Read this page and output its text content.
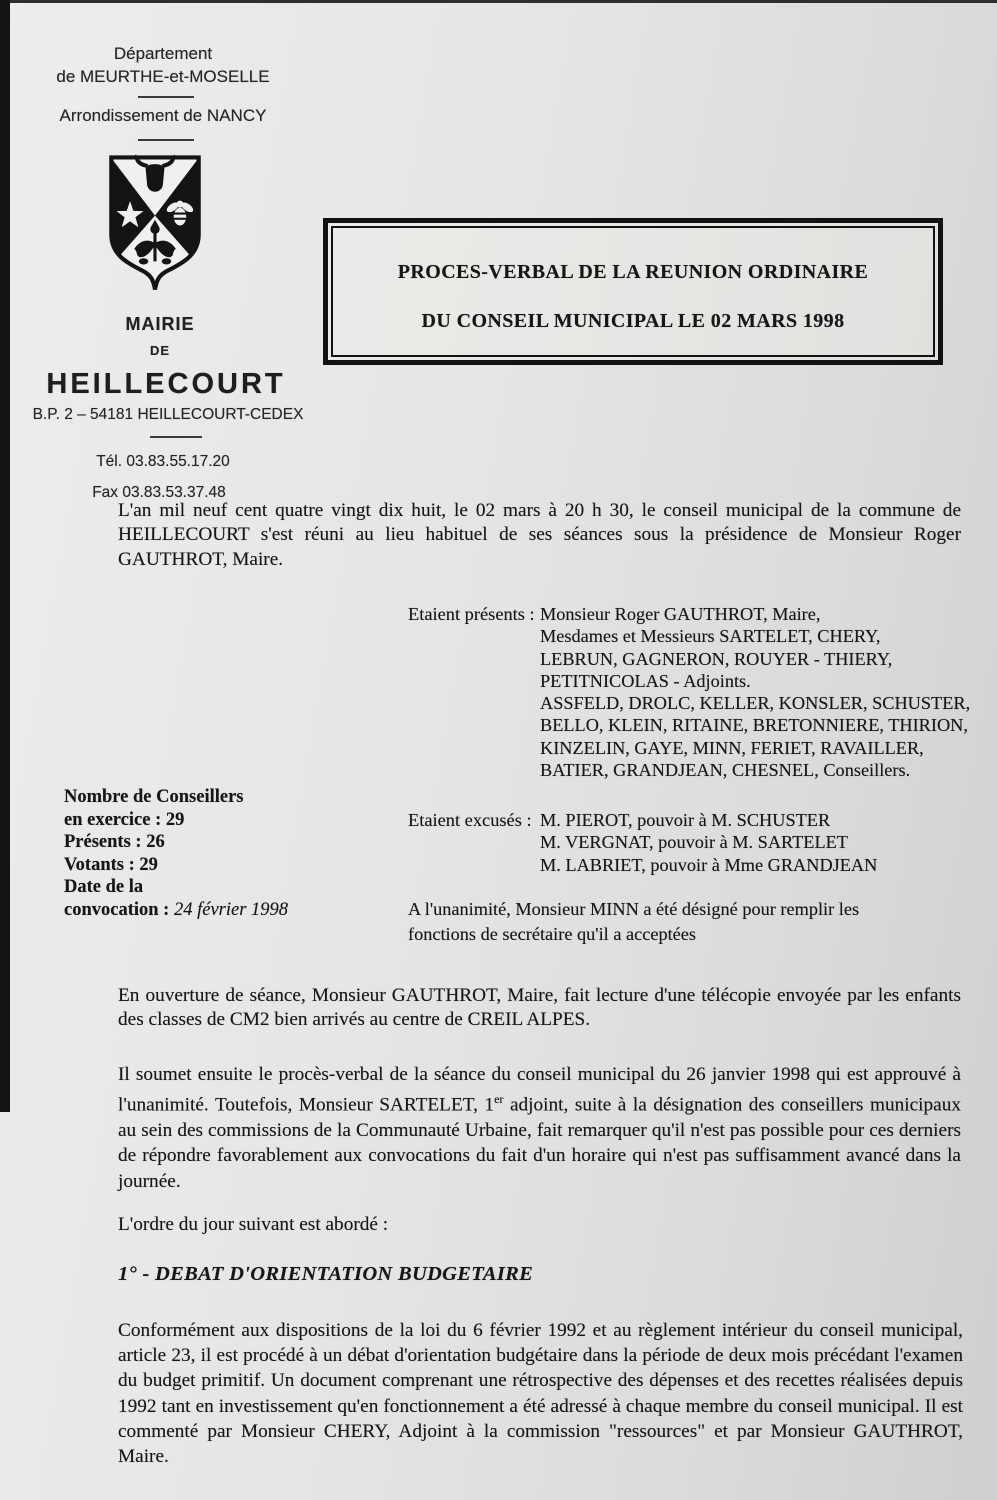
Département
de MEURTHE-et-MOSELLE
Arrondissement de NANCY
MAIRIE
DE
HEILLECOURT
B.P. 2 – 54181 HEILLECOURT-CEDEX
Tél. 03.83.55.17.20
Fax 03.83.53.37.48
PROCES-VERBAL DE LA REUNION ORDINAIRE
DU CONSEIL MUNICIPAL LE 02 MARS 1998
L'an mil neuf cent quatre vingt dix huit, le 02 mars à 20 h 30, le conseil municipal de la commune de HEILLECOURT s'est réuni au lieu habituel de ses séances sous la présidence de Monsieur Roger GAUTHROT, Maire.
Etaient présents : Monsieur Roger GAUTHROT, Maire,
Mesdames et Messieurs SARTELET, CHERY,
LEBRUN, GAGNERON, ROUYER - THIERY,
PETITNICOLAS - Adjoints.
ASSFELD, DROLC, KELLER, KONSLER, SCHUSTER,
BELLO, KLEIN, RITAINE, BRETONNIERE, THIRION,
KINZELIN, GAYE, MINN, FERIET, RAVAILLER,
BATIER, GRANDJEAN, CHESNEL, Conseillers.
Nombre de Conseillers
en exercice : 29
Présents : 26
Votants : 29
Date de la
convocation : 24 février 1998
Etaient excusés : M. PIEROT, pouvoir à M. SCHUSTER
M. VERGNAT, pouvoir à M. SARTELET
M. LABRIET, pouvoir à Mme GRANDJEAN
A l'unanimité, Monsieur MINN a été désigné pour remplir les fonctions de secrétaire qu'il a acceptées
En ouverture de séance, Monsieur GAUTHROT, Maire, fait lecture d'une télécopie envoyée par les enfants des classes de CM2 bien arrivés au centre de CREIL ALPES.
Il soumet ensuite le procès-verbal de la séance du conseil municipal du 26 janvier 1998 qui est approuvé à l'unanimité. Toutefois, Monsieur SARTELET, 1er adjoint, suite à la désignation des conseillers municipaux au sein des commissions de la Communauté Urbaine, fait remarquer qu'il n'est pas possible pour ces derniers de répondre favorablement aux convocations du fait d'un horaire qui n'est pas suffisamment avancé dans la journée.
L'ordre du jour suivant est abordé :
1° - DEBAT D'ORIENTATION BUDGETAIRE
Conformément aux dispositions de la loi du 6 février 1992 et au règlement intérieur du conseil municipal, article 23, il est procédé à un débat d'orientation budgétaire dans la période de deux mois précédant l'examen du budget primitif. Un document comprenant une rétrospective des dépenses et des recettes réalisées depuis 1992 tant en investissement qu'en fonctionnement a été adressé à chaque membre du conseil municipal. Il est commenté par Monsieur CHERY, Adjoint à la commission "ressources" et par Monsieur GAUTHROT, Maire.
